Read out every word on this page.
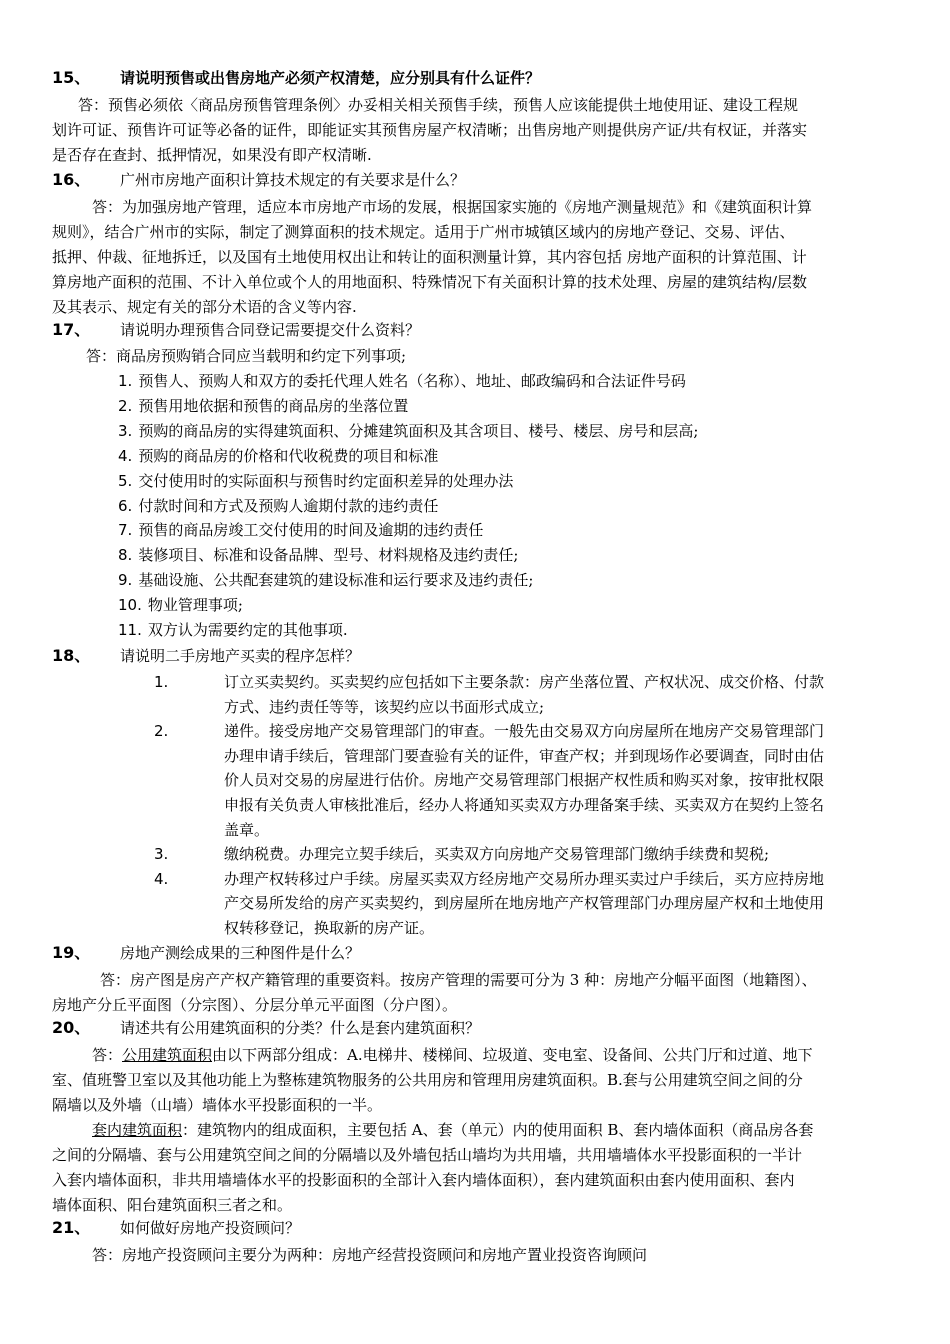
15、 请说明预售或出售房地产必须产权清楚，应分别具有什么证件？
答：预售必须依〈商品房预售管理条例〉办妥相关相关预售手续，预售人应该能提供土地使用证、建设工程规
划许可证、预售许可证等必备的证件，即能证实其预售房屋产权清晰；出售房地产则提供房产证/共有权证，并落实
是否存在查封、抵押情况，如果没有即产权清晰.
16、 广州市房地产面积计算技术规定的有关要求是什么？
答：为加强房地产管理，适应本市房地产市场的发展，根据国家实施的《房地产测量规范》和《建筑面积计算
规则》，结合广州市的实际，制定了测算面积的技术规定。适用于广州市城镇区域内的房地产登记、交易、评估、
抵押、仲裁、征地拆迁，以及国有土地使用权出让和转让的面积测量计算，其内容包括 房地产面积的计算范围、计
算房地产面积的范围、不计入单位或个人的用地面积、特殊情况下有关面积计算的技术处理、房屋的建筑结构/层数
及其表示、规定有关的部分术语的含义等内容.
17、 请说明办理预售合同登记需要提交什么资料？
答：商品房预购销合同应当载明和约定下列事项;
1. 预售人、预购人和双方的委托代理人姓名（名称）、地址、邮政编码和合法证件号码
2. 预售用地依据和预售的商品房的坐落位置
3. 预购的商品房的实得建筑面积、分摊建筑面积及其含项目、楼号、楼层、房号和层高;
4. 预购的商品房的价格和代收税费的项目和标准
5. 交付使用时的实际面积与预售时约定面积差异的处理办法
6. 付款时间和方式及预购人逾期付款的违约责任
7. 预售的商品房竣工交付使用的时间及逾期的违约责任
8. 装修项目、标准和设备品牌、型号、材料规格及违约责任;
9. 基础设施、公共配套建筑的建设标准和运行要求及违约责任;
10. 物业管理事项;
11. 双方认为需要约定的其他事项.
18、 请说明二手房地产买卖的程序怎样？
1.	订立买卖契约。买卖契约应包括如下主要条款：房产坐落位置、产权状况、成交价格、付款
方式、违约责任等等，该契约应以书面形式成立;
2.	递件。接受房地产交易管理部门的审查。一般先由交易双方向房屋所在地房产交易管理部门
办理申请手续后，管理部门要查验有关的证件，审查产权；并到现场作必要调查，同时由估
价人员对交易的房屋进行估价。房地产交易管理部门根据产权性质和购买对象，按审批权限
申报有关负责人审核批准后，经办人将通知买卖双方办理备案手续、买卖双方在契约上签名
盖章。
3.	缴纳税费。办理完立契手续后，买卖双方向房地产交易管理部门缴纳手续费和契税;
4.	办理产权转移过户手续。房屋买卖双方经房地产交易所办理买卖过户手续后，买方应持房地
产交易所发给的房产买卖契约，到房屋所在地房地产产权管理部门办理房屋产权和土地使用
权转移登记，换取新的房产证。
19、 房地产测绘成果的三种图件是什么？
答：房产图是房产产权产籍管理的重要资料。按房产管理的需要可分为 3 种：房地产分幅平面图（地籍图）、
房地产分丘平面图（分宗图）、分层分单元平面图（分户图）。
20、 请述共有公用建筑面积的分类？什么是套内建筑面积？
答：公用建筑面积由以下两部分组成：A.电梯井、楼梯间、垃圾道、变电室、设备间、公共门厅和过道、地下
室、值班警卫室以及其他功能上为整栋建筑物服务的公共用房和管理用房建筑面积。B.套与公用建筑空间之间的分
隔墙以及外墙（山墙）墙体水平投影面积的一半。
套内建筑面积：建筑物内的组成面积，主要包括 A、套（单元）内的使用面积 B、套内墙体面积（商品房各套
之间的分隔墙、套与公用建筑空间之间的分隔墙以及外墙包括山墙均为共用墙，共用墙墙体水平投影面积的一半计
入套内墙体面积，非共用墙墙体水平的投影面积的全部计入套内墙体面积），套内建筑面积由套内使用面积、套内
墙体面积、阳台建筑面积三者之和。
21、 如何做好房地产投资顾问？
答：房地产投资顾问主要分为两种：房地产经营投资顾问和房地产置业投资咨询顾问
